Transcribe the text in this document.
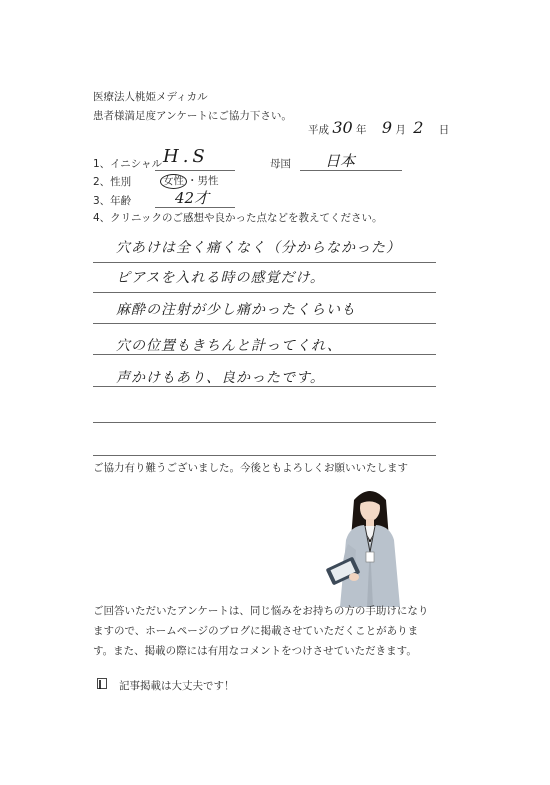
医療法人桃姫メディカル
患者様満足度アンケートにご協力下さい。
平成 30 年 9 月 2 日
1、イニシャル H.S	母国 日本
2、性別	女性 ・男性
3、年齢	42才
4、クリニックのご感想や良かった点などを教えてください。
穴あけは全く痛くなく（分からなかった）
ピアスを入れる時の感覚だけ。
麻酔の注射が少し痛かったくらいも
穴の位置もきちんと計ってくれ、
声かけもあり、良かったです。
ご協力有り難うございました。今後ともよろしくお願いいたします
ご回答いただいたアンケートは、同じ悩みをお持ちの方の手助けになりますので、ホームページのブログに掲載させていただくことがあります。また、掲載の際には有用なコメントをつけさせていただきます。
記事掲載は大丈夫です！
